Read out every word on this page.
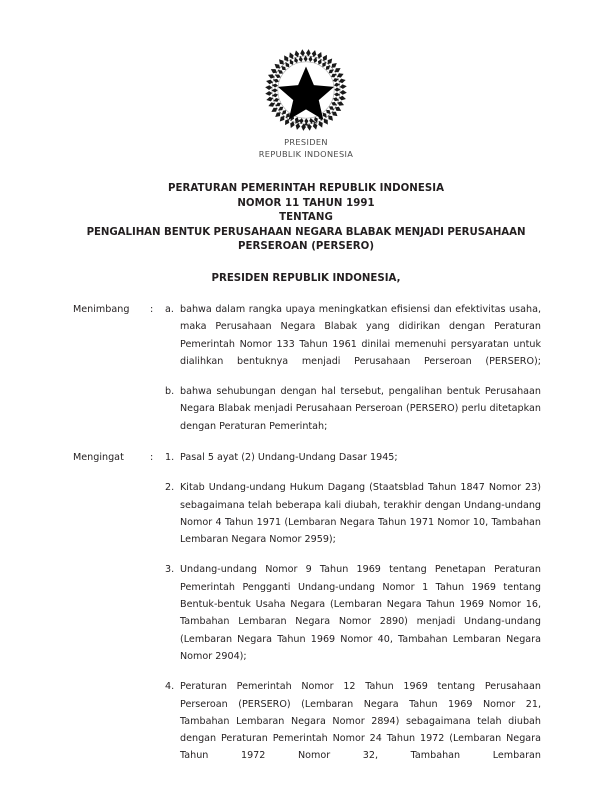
PRESIDEN
REPUBLIK INDONESIA
PERATURAN PEMERINTAH REPUBLIK INDONESIA
NOMOR 11 TAHUN 1991
TENTANG
PENGALIHAN BENTUK PERUSAHAAN NEGARA BLABAK MENJADI PERUSAHAAN
PERSEROAN (PERSERO)
PRESIDEN REPUBLIK INDONESIA,
Menimbang	:	a. bahwa dalam rangka upaya meningkatkan efisiensi dan efektivitas usaha, maka Perusahaan Negara Blabak yang didirikan dengan Peraturan Pemerintah Nomor 133 Tahun 1961 dinilai memenuhi persyaratan untuk dialihkan bentuknya menjadi Perusahaan Perseroan (PERSERO);
b. bahwa sehubungan dengan hal tersebut, pengalihan bentuk Perusahaan Negara Blabak menjadi Perusahaan Perseroan (PERSERO) perlu ditetapkan dengan Peraturan Pemerintah;
Mengingat	:	1. Pasal 5 ayat (2) Undang-Undang Dasar 1945;
2. Kitab Undang-undang Hukum Dagang (Staatsblad Tahun 1847 Nomor 23) sebagaimana telah beberapa kali diubah, terakhir dengan Undang-undang Nomor 4 Tahun 1971 (Lembaran Negara Tahun 1971 Nomor 10, Tambahan Lembaran Negara Nomor 2959);
3. Undang-undang Nomor 9 Tahun 1969 tentang Penetapan Peraturan Pemerintah Pengganti Undang-undang Nomor 1 Tahun 1969 tentang Bentuk-bentuk Usaha Negara (Lembaran Negara Tahun 1969 Nomor 16, Tambahan Lembaran Negara Nomor 2890) menjadi Undang-undang (Lembaran Negara Tahun 1969 Nomor 40, Tambahan Lembaran Negara Nomor 2904);
4. Peraturan Pemerintah Nomor 12 Tahun 1969 tentang Perusahaan Perseroan (PERSERO) (Lembaran Negara Tahun 1969 Nomor 21, Tambahan Lembaran Negara Nomor 2894) sebagaimana telah diubah dengan Peraturan Pemerintah Nomor 24 Tahun 1972 (Lembaran Negara Tahun 1972 Nomor 32, Tambahan Lembaran
